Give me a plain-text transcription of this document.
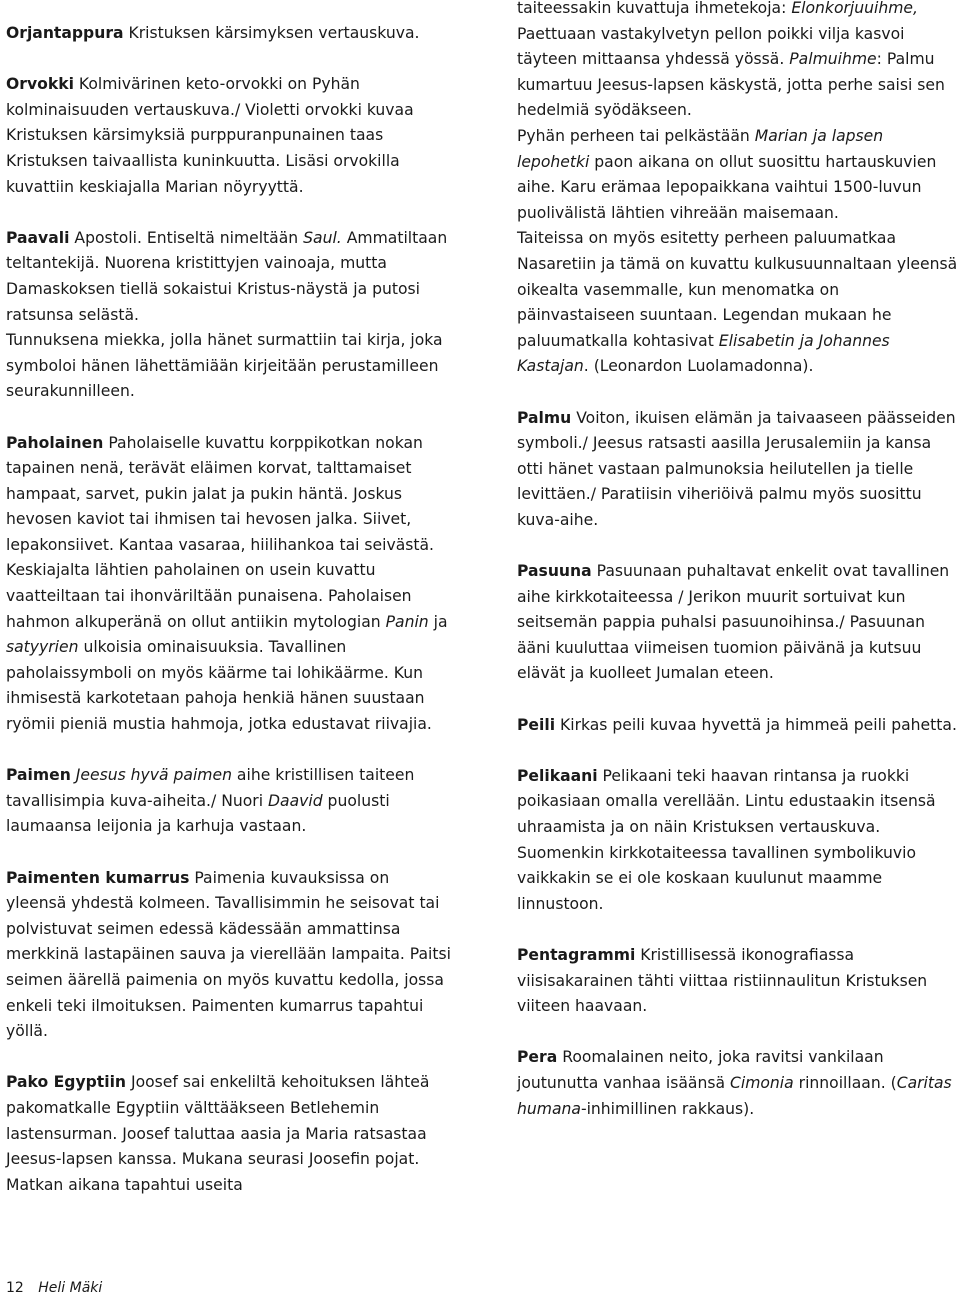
Orjantappura Kristuksen kärsimyksen vertauskuva.

Orvokki Kolmivärinen keto-orvokki on Pyhän kolminaisuuden vertauskuva./ Violetti orvokki kuvaa Kristuksen kärsimyksiä purppuranpunainen taas Kristuksen taivaallista kuninkuutta. Lisäsi orvokilla kuvattiin keskiajalla Marian nöyryyttä.

Paavali Apostoli. Entiseltä nimeltään Saul. Ammatiltaan teltantekijä. Nuorena kristittyjen vainoaja, mutta Damaskoksen tiellä sokaistui Kristus-näystä ja putosi ratsunsa selästä.

Tunnuksena miekka, jolla hänet surmattiin tai kirja, joka symboloi hänen lähettämiään kirjeitään perustamilleen seurakunnilleen.

Paholainen Paholaiselle kuvattu korppikotkan nokan tapainen nenä, terävät eläimen korvat, talttamaiset hampaat, sarvet, pukin jalat ja pukin häntä. Joskus hevosen kaviot tai ihmisen tai hevosen jalka. Siivet, lepakonsiivet. Kantaa vasaraa, hiilihankoa tai seivästä. Keskiajalta lähtien paholainen on usein kuvattu vaatteiltaan tai ihonväriltään punaisena. Paholaisen hahmon alkuperänä on ollut antiikin mytologian Panin ja satyyrien ulkoisia ominaisuuksia. Tavallinen paholaissymboli on myös käärme tai lohikäärme. Kun ihmisestä karkotetaan pahoja henkiä hänen suustaan ryömii pieniä mustia hahmoja, jotka edustavat riivajia.

Paimen Jeesus hyvä paimen aihe kristillisen taiteen tavallisimpia kuva-aiheita./ Nuori Daavid puolusti laumaansa leijonia ja karhuja vastaan.

Paimenten kumarrus Paimenia kuvauksissa on yleensä yhdestä kolmeen. Tavallisimmin he seisovat tai polvistuvat seimen edessä kädessään ammattinsa merkkinä lastapäinen sauva ja vierellään lampaita. Paitsi seimen äärellä paimenia on myös kuvattu kedolla, jossa enkeli teki ilmoituksen. Paimenten kumarrus tapahtui yöllä.

Pako Egyptiin Joosef sai enkeliltä kehoituksen lähteä pakomatkalle Egyptiin välttääkseen Betlehemin lastensurman. Joosef taluttaa aasia ja Maria ratsastaa Jeesus-lapsen kanssa. Mukana seurasi Joosefin pojat. Matkan aikana tapahtui useita

taiteessakin kuvattuja ihmetekoja: Elonkorjuuihme, Paettuaan vastakylvetyn pellon poikki vilja kasvoi täyteen mittaansa yhdessä yössä. Palmuihme: Palmu kumartuu Jeesus-lapsen käskystä, jotta perhe saisi sen hedelmiä syödäkseen.

Pyhän perheen tai pelkästään Marian ja lapsen lepohetki paon aikana on ollut suosittu hartauskuvien aihe. Karu erämaa lepopaikkana vaihtui 1500-luvun puolivälistä lähtien vihreään maisemaan.

Taiteissa on myös esitetty perheen paluumatkaa Nasaretiin ja tämä on kuvattu kulkusuunnaltaan yleensä oikealta vasemmalle, kun menomatka on päinvastaiseen suuntaan. Legendan mukaan he paluumatkalla kohtasivat Elisabetin ja Johannes Kastajan. (Leonardon Luolamadonna).

Palmu Voiton, ikuisen elämän ja taivaaseen päässeiden symboli./ Jeesus ratsasti aasilla Jerusalemiin ja kansa otti hänet vastaan palmunoksia heilutellen ja tielle levittäen./ Paratiisin viheriöivä palmu myös suosittu kuva-aihe.

Pasuuna Pasuunaan puhaltavat enkelit ovat tavallinen aihe kirkkotaiteessa / Jerikon muurit sortuivat kun seitsemän pappia puhalsi pasuunoihinsa./ Pasuunan ääni kuuluttaa viimeisen tuomion päivänä ja kutsuu elävät ja kuolleet Jumalan eteen.

Peili Kirkas peili kuvaa hyvettä ja himmeä peili pahetta.

Pelikaani Pelikaani teki haavan rintansa ja ruokki poikasiaan omalla verellään. Lintu edustaakin itsensä uhraamista ja on näin Kristuksen vertauskuva. Suomenkin kirkkotaiteessa tavallinen symbolikuvio vaikkakin se ei ole koskaan kuulunut maamme linnustoon.

Pentagrammi Kristillisessä ikonografiassa viisisakarainen tähti viittaa ristiinnaulitun Kristuksen viiteen haavaan.

Pera Roomalainen neito, joka ravitsi vankilaan joutunutta vanhaa isäänsä Cimonia rinnoillaan. (Caritas humana-inhimillinen rakkaus).

12 Heli Mäki
